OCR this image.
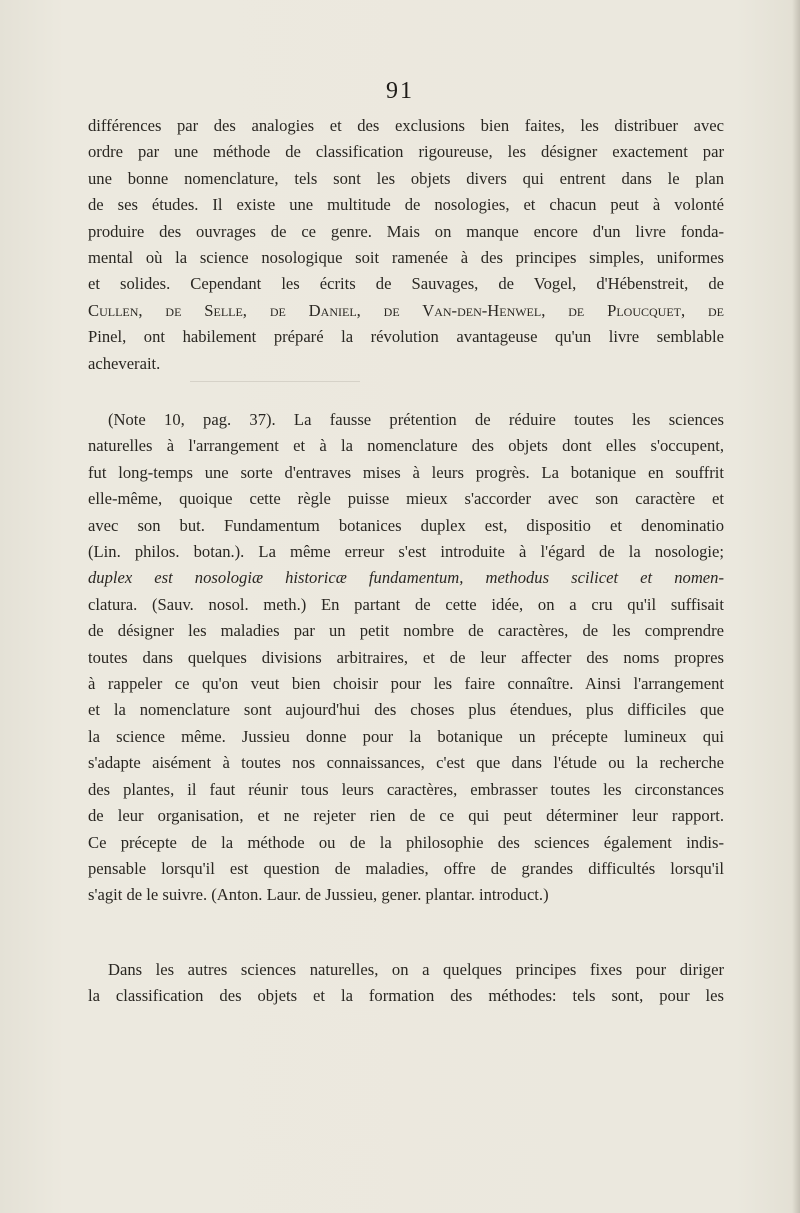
91
différences par des analogies et des exclusions bien faites, les distribuer avec
ordre par une méthode de classification rigoureuse, les désigner exactement par
une bonne nomenclature, tels sont les objets divers qui entrent dans le plan
de ses études. Il existe une multitude de nosologies, et chacun peut à volonté
produire des ouvrages de ce genre. Mais on manque encore d'un livre fonda-
mental où la science nosologique soit ramenée à des principes simples, uniformes
et solides. Cependant les écrits de Sauvages, de Vogel, d'Hébenstreit, de
Cullen, de Selle, de Daniel, de Van-den-Henwel, de Ploucquet, de
Pinel, ont habilement préparé la révolution avantageuse qu'un livre semblable
acheverait.
(Note 10, pag. 37). La fausse prétention de réduire toutes les sciences
naturelles à l'arrangement et à la nomenclature des objets dont elles s'occupent,
fut long-temps une sorte d'entraves mises à leurs progrès. La botanique en souffrit
elle-même, quoique cette règle puisse mieux s'accorder avec son caractère et
avec son but. Fundamentum botanices duplex est, dispositio et denominatio
(Lin. philos. botan.). La même erreur s'est introduite à l'égard de la nosologie;
duplex est nosologiæ historicæ fundamentum, methodus scilicet et nomen-
clatura. (Sauv. nosol. meth.) En partant de cette idée, on a cru qu'il suffisait
de désigner les maladies par un petit nombre de caractères, de les comprendre
toutes dans quelques divisions arbitraires, et de leur affecter des noms propres
à rappeler ce qu'on veut bien choisir pour les faire connaître. Ainsi l'arrangement
et la nomenclature sont aujourd'hui des choses plus étendues, plus difficiles que
la science même. Jussieu donne pour la botanique un précepte lumineux qui
s'adapte aisément à toutes nos connaissances, c'est que dans l'étude ou la recherche
des plantes, il faut réunir tous leurs caractères, embrasser toutes les circonstances
de leur organisation, et ne rejeter rien de ce qui peut déterminer leur rapport.
Ce précepte de la méthode ou de la philosophie des sciences également indis-
pensable lorsqu'il est question de maladies, offre de grandes difficultés lorsqu'il
s'agit de le suivre. (Anton. Laur. de Jussieu, gener. plantar. introduct.)
Dans les autres sciences naturelles, on a quelques principes fixes pour diriger
la classification des objets et la formation des méthodes: tels sont, pour les
